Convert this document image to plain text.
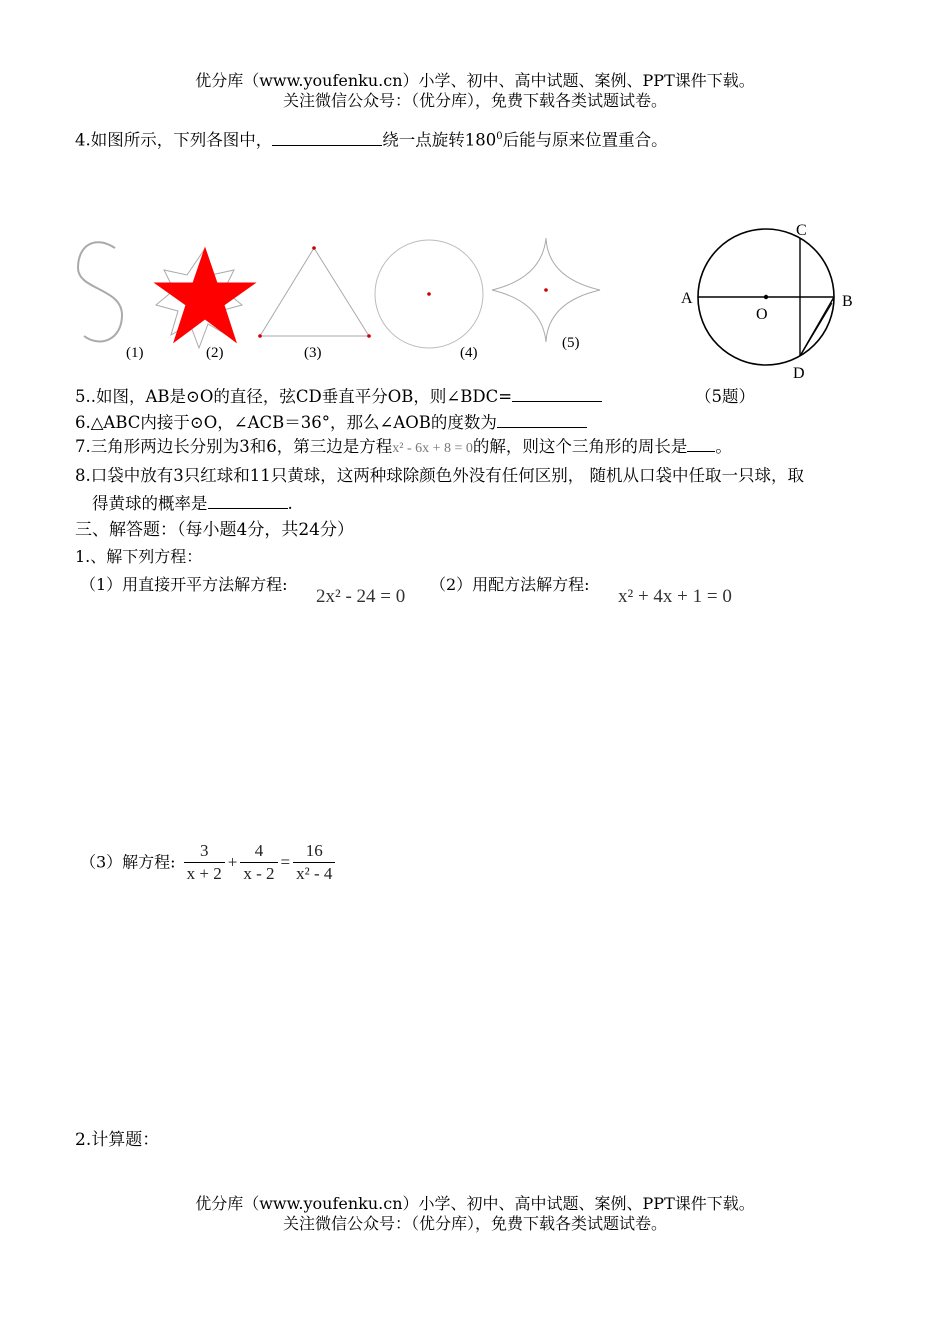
优分库（www.youfenku.cn）小学、初中、高中试题、案例、PPT课件下载。
关注微信公众号：（优分库），免费下载各类试题试卷。
4.如图所示，下列各图中，	绕一点旋转$180^0$后能与原来位置重合。
(1)	(2)	(3)	(4)
(5)
A	B
C
D
O
5..如图，AB是⊙O的直径，弦CD垂直平分OB，则∠BDC=	（5题）
6.△ABC内接于⊙O，∠ACB＝36°，那么∠AOB的度数为
7.三角形两边长分别为3和6，第三边是方程x² - 6x + 8 = 0的解，则这个三角形的周长是 。
8.口袋中放有3只红球和11只黄球，这两种球除颜色外没有任何区别， 随机从口袋中任取一只球，取
得黄球的概率是	.
三、解答题：（每小题4分，共24分）
1.、解下列方程：
（1）用直接开平方法解方程:
2x² - 24 = 0
（2）用配方法解方程:
x² + 4x + 1 = 0
（3）解方程: $\frac{3}{x + 2} + \frac{4}{x - 2} = \frac{16}{\text{x² - 4}}$
2.计算题：
优分库（www.youfenku.cn）小学、初中、高中试题、案例、PPT课件下载。
关注微信公众号：（优分库），免费下载各类试题试卷。
